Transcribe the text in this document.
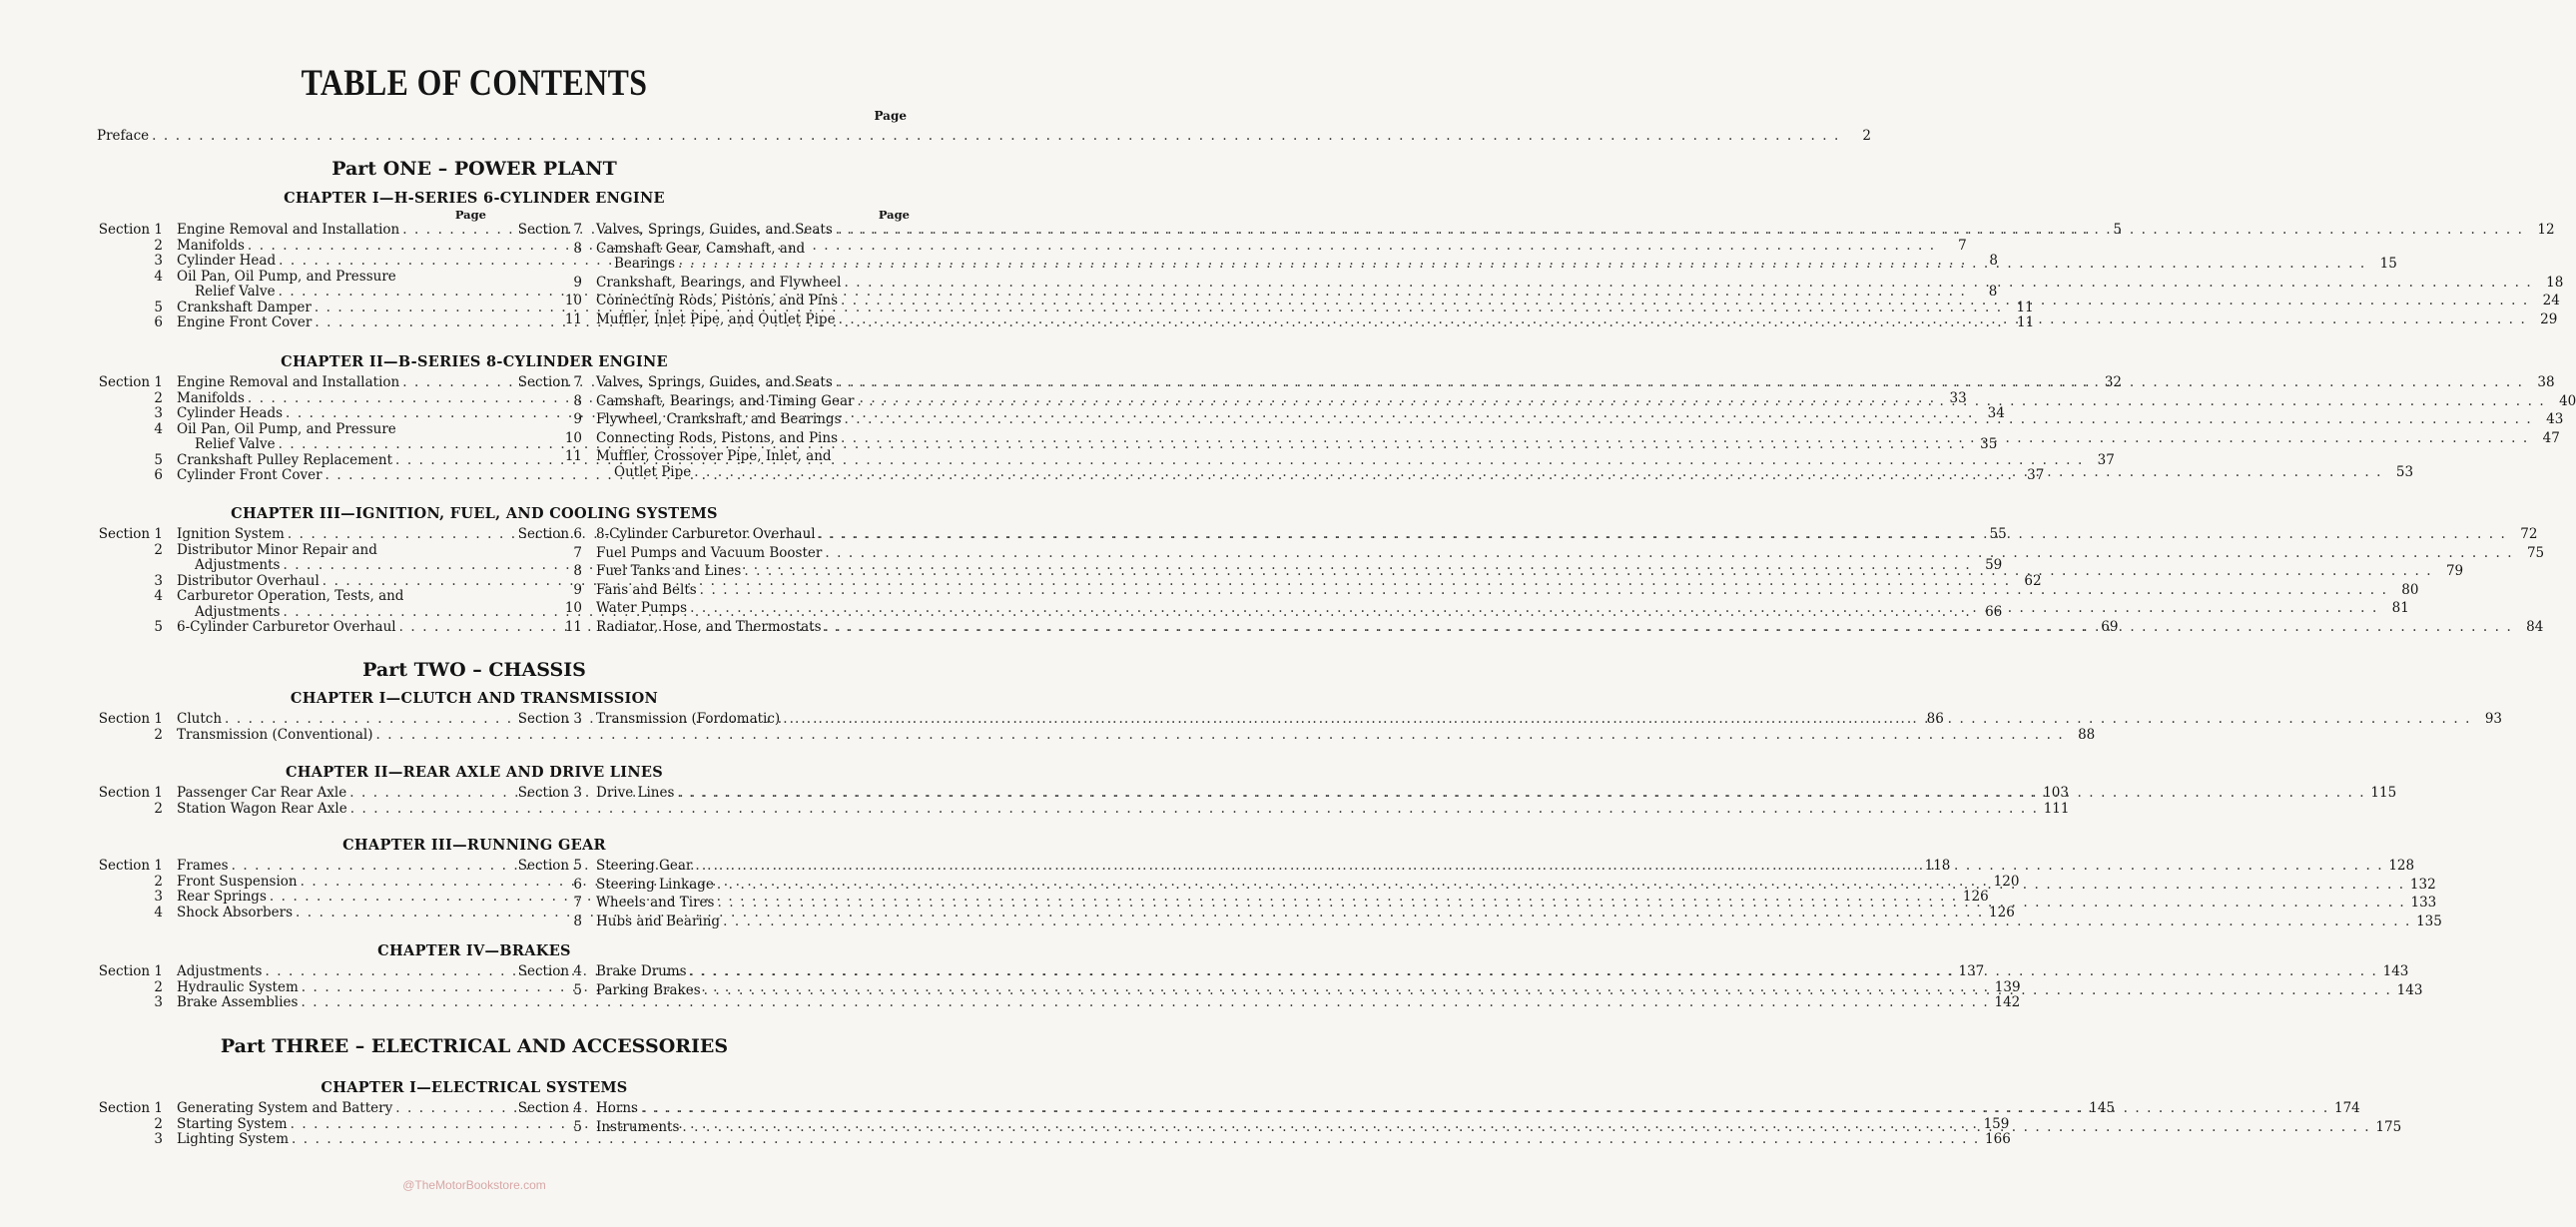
TABLE OF CONTENTS
Page
Preface . . .	2
Part ONE – POWER PLANT
Part TWO – CHASSIS
Part THREE – ELECTRICAL AND ACCESSORIES
CHAPTER I—H-SERIES 6-CYLINDER ENGINE
Page
Section 1 Engine Removal and Installation . . .	5
2 Manifolds . . .	7
3 Cylinder Head . . .	8
4 Oil Pan, Oil Pump, and Pressure
Relief Valve . . .	8
5 Crankshaft Damper . . .	11
6 Engine Front Cover . . .	11
Page
Section 7 Valves, Springs, Guides, and Seats . . .	12
8 Camshaft Gear, Camshaft, and
Bearings . . .	15
9 Crankshaft, Bearings, and Flywheel . . .	18
10 Connecting Rods, Pistons, and Pins . . .	24
11 Muffler, Inlet Pipe, and Outlet Pipe . . .	29
CHAPTER II—B-SERIES 8-CYLINDER ENGINE
Section 1 Engine Removal and Installation . . .	32
2 Manifolds . . .	33
3 Cylinder Heads . . .	34
4 Oil Pan, Oil Pump, and Pressure
Relief Valve . . .	35
5 Crankshaft Pulley Replacement . . .	37
6 Cylinder Front Cover . . .	37
Section 7 Valves, Springs, Guides, and Seats . . .	38
8 Camshaft, Bearings, and Timing Gear . . .	40
9 Flywheel, Crankshaft, and Bearings . . .	43
10 Connecting Rods, Pistons, and Pins . . .	47
11 Muffler, Crossover Pipe, Inlet, and
Outlet Pipe . . .	53
CHAPTER III—IGNITION, FUEL, AND COOLING SYSTEMS
Section 1 Ignition System . . .	55
2 Distributor Minor Repair and
Adjustments . . .	59
3 Distributor Overhaul . . .	62
4 Carburetor Operation, Tests, and
Adjustments . . .	66
5 6-Cylinder Carburetor Overhaul . . .	69
Section 6 8-Cylinder Carburetor Overhaul . . .	72
7 Fuel Pumps and Vacuum Booster . . .	75
8 Fuel Tanks and Lines . . .	79
9 Fans and Belts . . .	80
10 Water Pumps . . .	81
11 Radiator, Hose, and Thermostats . . .	84
CHAPTER I—CLUTCH AND TRANSMISSION
Section 1 Clutch . . .	86
2 Transmission (Conventional) . . .	88
Section 3 Transmission (Fordomatic) . . .	93
CHAPTER II—REAR AXLE AND DRIVE LINES
Section 1 Passenger Car Rear Axle . . .	103
2 Station Wagon Rear Axle . . .	111
Section 3 Drive Lines . . .	115
CHAPTER III—RUNNING GEAR
Section 1 Frames . . .	118
2 Front Suspension . . .	120
3 Rear Springs . . .	126
4 Shock Absorbers . . .	126
Section 5 Steering Gear . . .	128
6 Steering Linkage . . .	132
7 Wheels and Tires . . .	133
8 Hubs and Bearing . . .	135
CHAPTER IV—BRAKES
Section 1 Adjustments . . .	137
2 Hydraulic System . . .	139
3 Brake Assemblies . . .	142
Section 4 Brake Drums . . .	143
5 Parking Brakes . . .	143
CHAPTER I—ELECTRICAL SYSTEMS
Section 1 Generating System and Battery . . .	145
2 Starting System . . .	159
3 Lighting System . . .	166
Section 4 Horns . . .	174
5 Instruments . . .	175
@TheMotorBookstore.com
